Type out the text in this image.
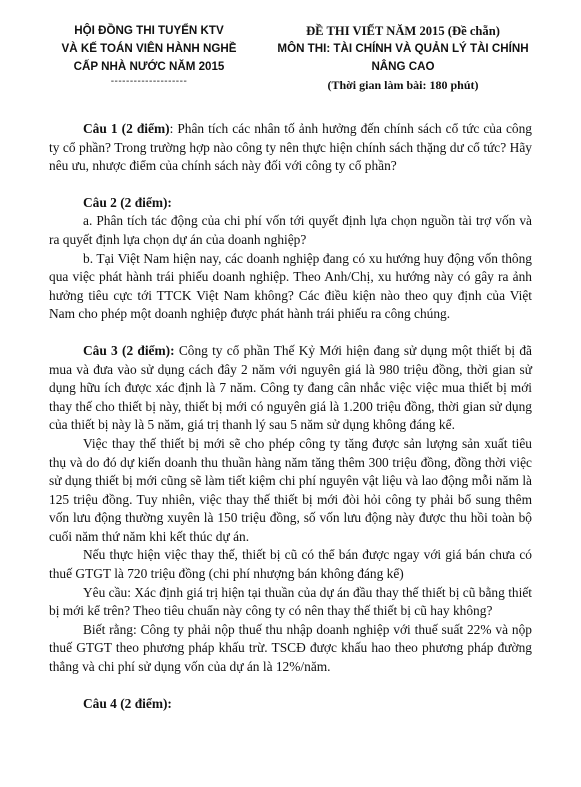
HỘI ĐỒNG THI TUYỂN KTV
VÀ KẾ TOÁN VIÊN HÀNH NGHỀ
CẤP NHÀ NƯỚC NĂM 2015
--------------------
ĐỀ THI VIẾT NĂM 2015 (Đề chẵn)
MÔN THI: TÀI CHÍNH VÀ QUẢN LÝ TÀI CHÍNH
NÂNG CAO
(Thời gian làm bài: 180 phút)

Câu 1 (2 điểm): Phân tích các nhân tố ảnh hưởng đến chính sách cổ tức của công ty cổ phần? Trong trường hợp nào công ty nên thực hiện chính sách thặng dư cổ tức? Hãy nêu ưu, nhược điểm của chính sách này đối với công ty cổ phần?

Câu 2 (2 điểm):

a. Phân tích tác động của chi phí vốn tới quyết định lựa chọn nguồn tài trợ vốn và ra quyết định lựa chọn dự án của doanh nghiệp?

b. Tại Việt Nam hiện nay, các doanh nghiệp đang có xu hướng huy động vốn thông qua việc phát hành trái phiếu doanh nghiệp. Theo Anh/Chị, xu hướng này có gây ra ảnh hưởng tiêu cực tới TTCK Việt Nam không? Các điều kiện nào theo quy định của Việt Nam cho phép một doanh nghiệp được phát hành trái phiếu ra công chúng.

Câu 3 (2 điểm): Công ty cổ phần Thế Kỷ Mới hiện đang sử dụng một thiết bị đã mua và đưa vào sử dụng cách đây 2 năm với nguyên giá là 980 triệu đồng, thời gian sử dụng hữu ích được xác định là 7 năm. Công ty đang cân nhắc việc việc mua thiết bị mới thay thế cho thiết bị này, thiết bị mới có nguyên giá là 1.200 triệu đồng, thời gian sử dụng của thiết bị này là 5 năm, giá trị thanh lý sau 5 năm sử dụng không đáng kể.

Việc thay thế thiết bị mới sẽ cho phép công ty tăng được sản lượng sản xuất tiêu thụ và do đó dự kiến doanh thu thuần hàng năm tăng thêm 300 triệu đồng, đồng thời việc sử dụng thiết bị mới cũng sẽ làm tiết kiệm chi phí nguyên vật liệu và lao động mỗi năm là 125 triệu đồng. Tuy nhiên, việc thay thế thiết bị mới đòi hỏi công ty phải bổ sung thêm vốn lưu động thường xuyên là 150 triệu đồng, số vốn lưu động này được thu hồi toàn bộ cuối năm thứ năm khi kết thúc dự án.

Nếu thực hiện việc thay thế, thiết bị cũ có thể bán được ngay với giá bán chưa có thuế GTGT là 720 triệu đồng (chi phí nhượng bán không đáng kể)

Yêu cầu: Xác định giá trị hiện tại thuần của dự án đầu thay thế thiết bị cũ bằng thiết bị mới kể trên? Theo tiêu chuẩn này công ty có nên thay thế thiết bị cũ hay không?

Biết rằng: Công ty phải nộp thuế thu nhập doanh nghiệp với thuế suất 22% và nộp thuế GTGT theo phương pháp khấu trừ. TSCĐ được khấu hao theo phương pháp đường thẳng và chi phí sử dụng vốn của dự án là 12%/năm.

Câu 4 (2 điểm):
